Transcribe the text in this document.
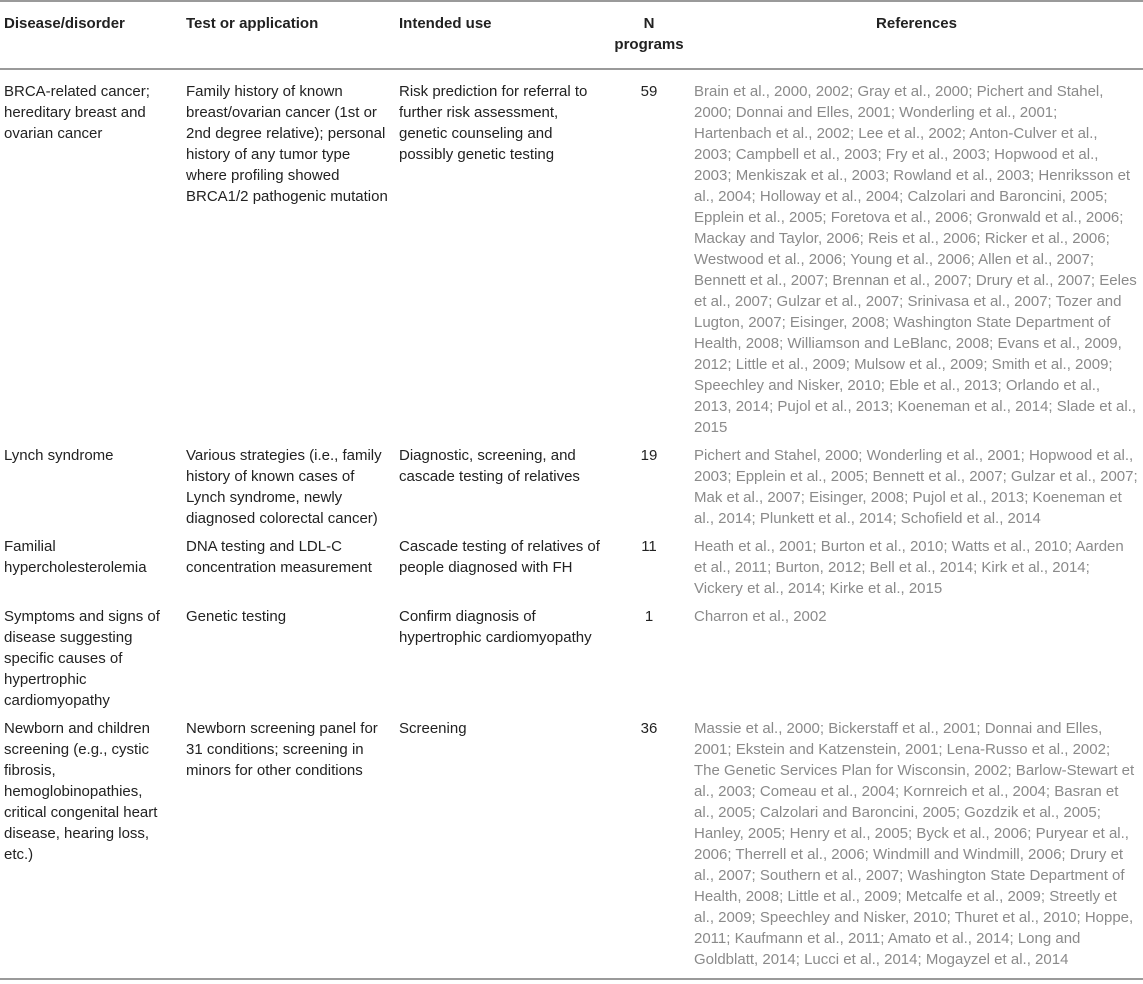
Disease/disorder	Test or application	Intended use	N programs	References
BRCA-related cancer; hereditary breast and ovarian cancer	Family history of known breast/ovarian cancer (1st or 2nd degree relative); personal history of any tumor type where profiling showed BRCA1/2 pathogenic mutation	Risk prediction for referral to further risk assessment, genetic counseling and possibly genetic testing	59	Brain et al., 2000, 2002; Gray et al., 2000; Pichert and Stahel, 2000; Donnai and Elles, 2001; Wonderling et al., 2001; Hartenbach et al., 2002; Lee et al., 2002; Anton-Culver et al., 2003; Campbell et al., 2003; Fry et al., 2003; Hopwood et al., 2003; Menkiszak et al., 2003; Rowland et al., 2003; Henriksson et al., 2004; Holloway et al., 2004; Calzolari and Baroncini, 2005; Epplein et al., 2005; Foretova et al., 2006; Gronwald et al., 2006; Mackay and Taylor, 2006; Reis et al., 2006; Ricker et al., 2006; Westwood et al., 2006; Young et al., 2006; Allen et al., 2007; Bennett et al., 2007; Brennan et al., 2007; Drury et al., 2007; Eeles et al., 2007; Gulzar et al., 2007; Srinivasa et al., 2007; Tozer and Lugton, 2007; Eisinger, 2008; Washington State Department of Health, 2008; Williamson and LeBlanc, 2008; Evans et al., 2009, 2012; Little et al., 2009; Mulsow et al., 2009; Smith et al., 2009; Speechley and Nisker, 2010; Eble et al., 2013; Orlando et al., 2013, 2014; Pujol et al., 2013; Koeneman et al., 2014; Slade et al., 2015
Lynch syndrome	Various strategies (i.e., family history of known cases of Lynch syndrome, newly diagnosed colorectal cancer)	Diagnostic, screening, and cascade testing of relatives	19	Pichert and Stahel, 2000; Wonderling et al., 2001; Hopwood et al., 2003; Epplein et al., 2005; Bennett et al., 2007; Gulzar et al., 2007; Mak et al., 2007; Eisinger, 2008; Pujol et al., 2013; Koeneman et al., 2014; Plunkett et al., 2014; Schofield et al., 2014
Familial hypercholesterolemia	DNA testing and LDL-C concentration measurement	Cascade testing of relatives of people diagnosed with FH	11	Heath et al., 2001; Burton et al., 2010; Watts et al., 2010; Aarden et al., 2011; Burton, 2012; Bell et al., 2014; Kirk et al., 2014; Vickery et al., 2014; Kirke et al., 2015
Symptoms and signs of disease suggesting specific causes of hypertrophic cardiomyopathy	Genetic testing	Confirm diagnosis of hypertrophic cardiomyopathy	1	Charron et al., 2002
Newborn and children screening (e.g., cystic fibrosis, hemoglobinopathies, critical congenital heart disease, hearing loss, etc.)	Newborn screening panel for 31 conditions; screening in minors for other conditions	Screening	36	Massie et al., 2000; Bickerstaff et al., 2001; Donnai and Elles, 2001; Ekstein and Katzenstein, 2001; Lena-Russo et al., 2002; The Genetic Services Plan for Wisconsin, 2002; Barlow-Stewart et al., 2003; Comeau et al., 2004; Kornreich et al., 2004; Basran et al., 2005; Calzolari and Baroncini, 2005; Gozdzik et al., 2005; Hanley, 2005; Henry et al., 2005; Byck et al., 2006; Puryear et al., 2006; Therrell et al., 2006; Windmill and Windmill, 2006; Drury et al., 2007; Southern et al., 2007; Washington State Department of Health, 2008; Little et al., 2009; Metcalfe et al., 2009; Streetly et al., 2009; Speechley and Nisker, 2010; Thuret et al., 2010; Hoppe, 2011; Kaufmann et al., 2011; Amato et al., 2014; Long and Goldblatt, 2014; Lucci et al., 2014; Mogayzel et al., 2014
